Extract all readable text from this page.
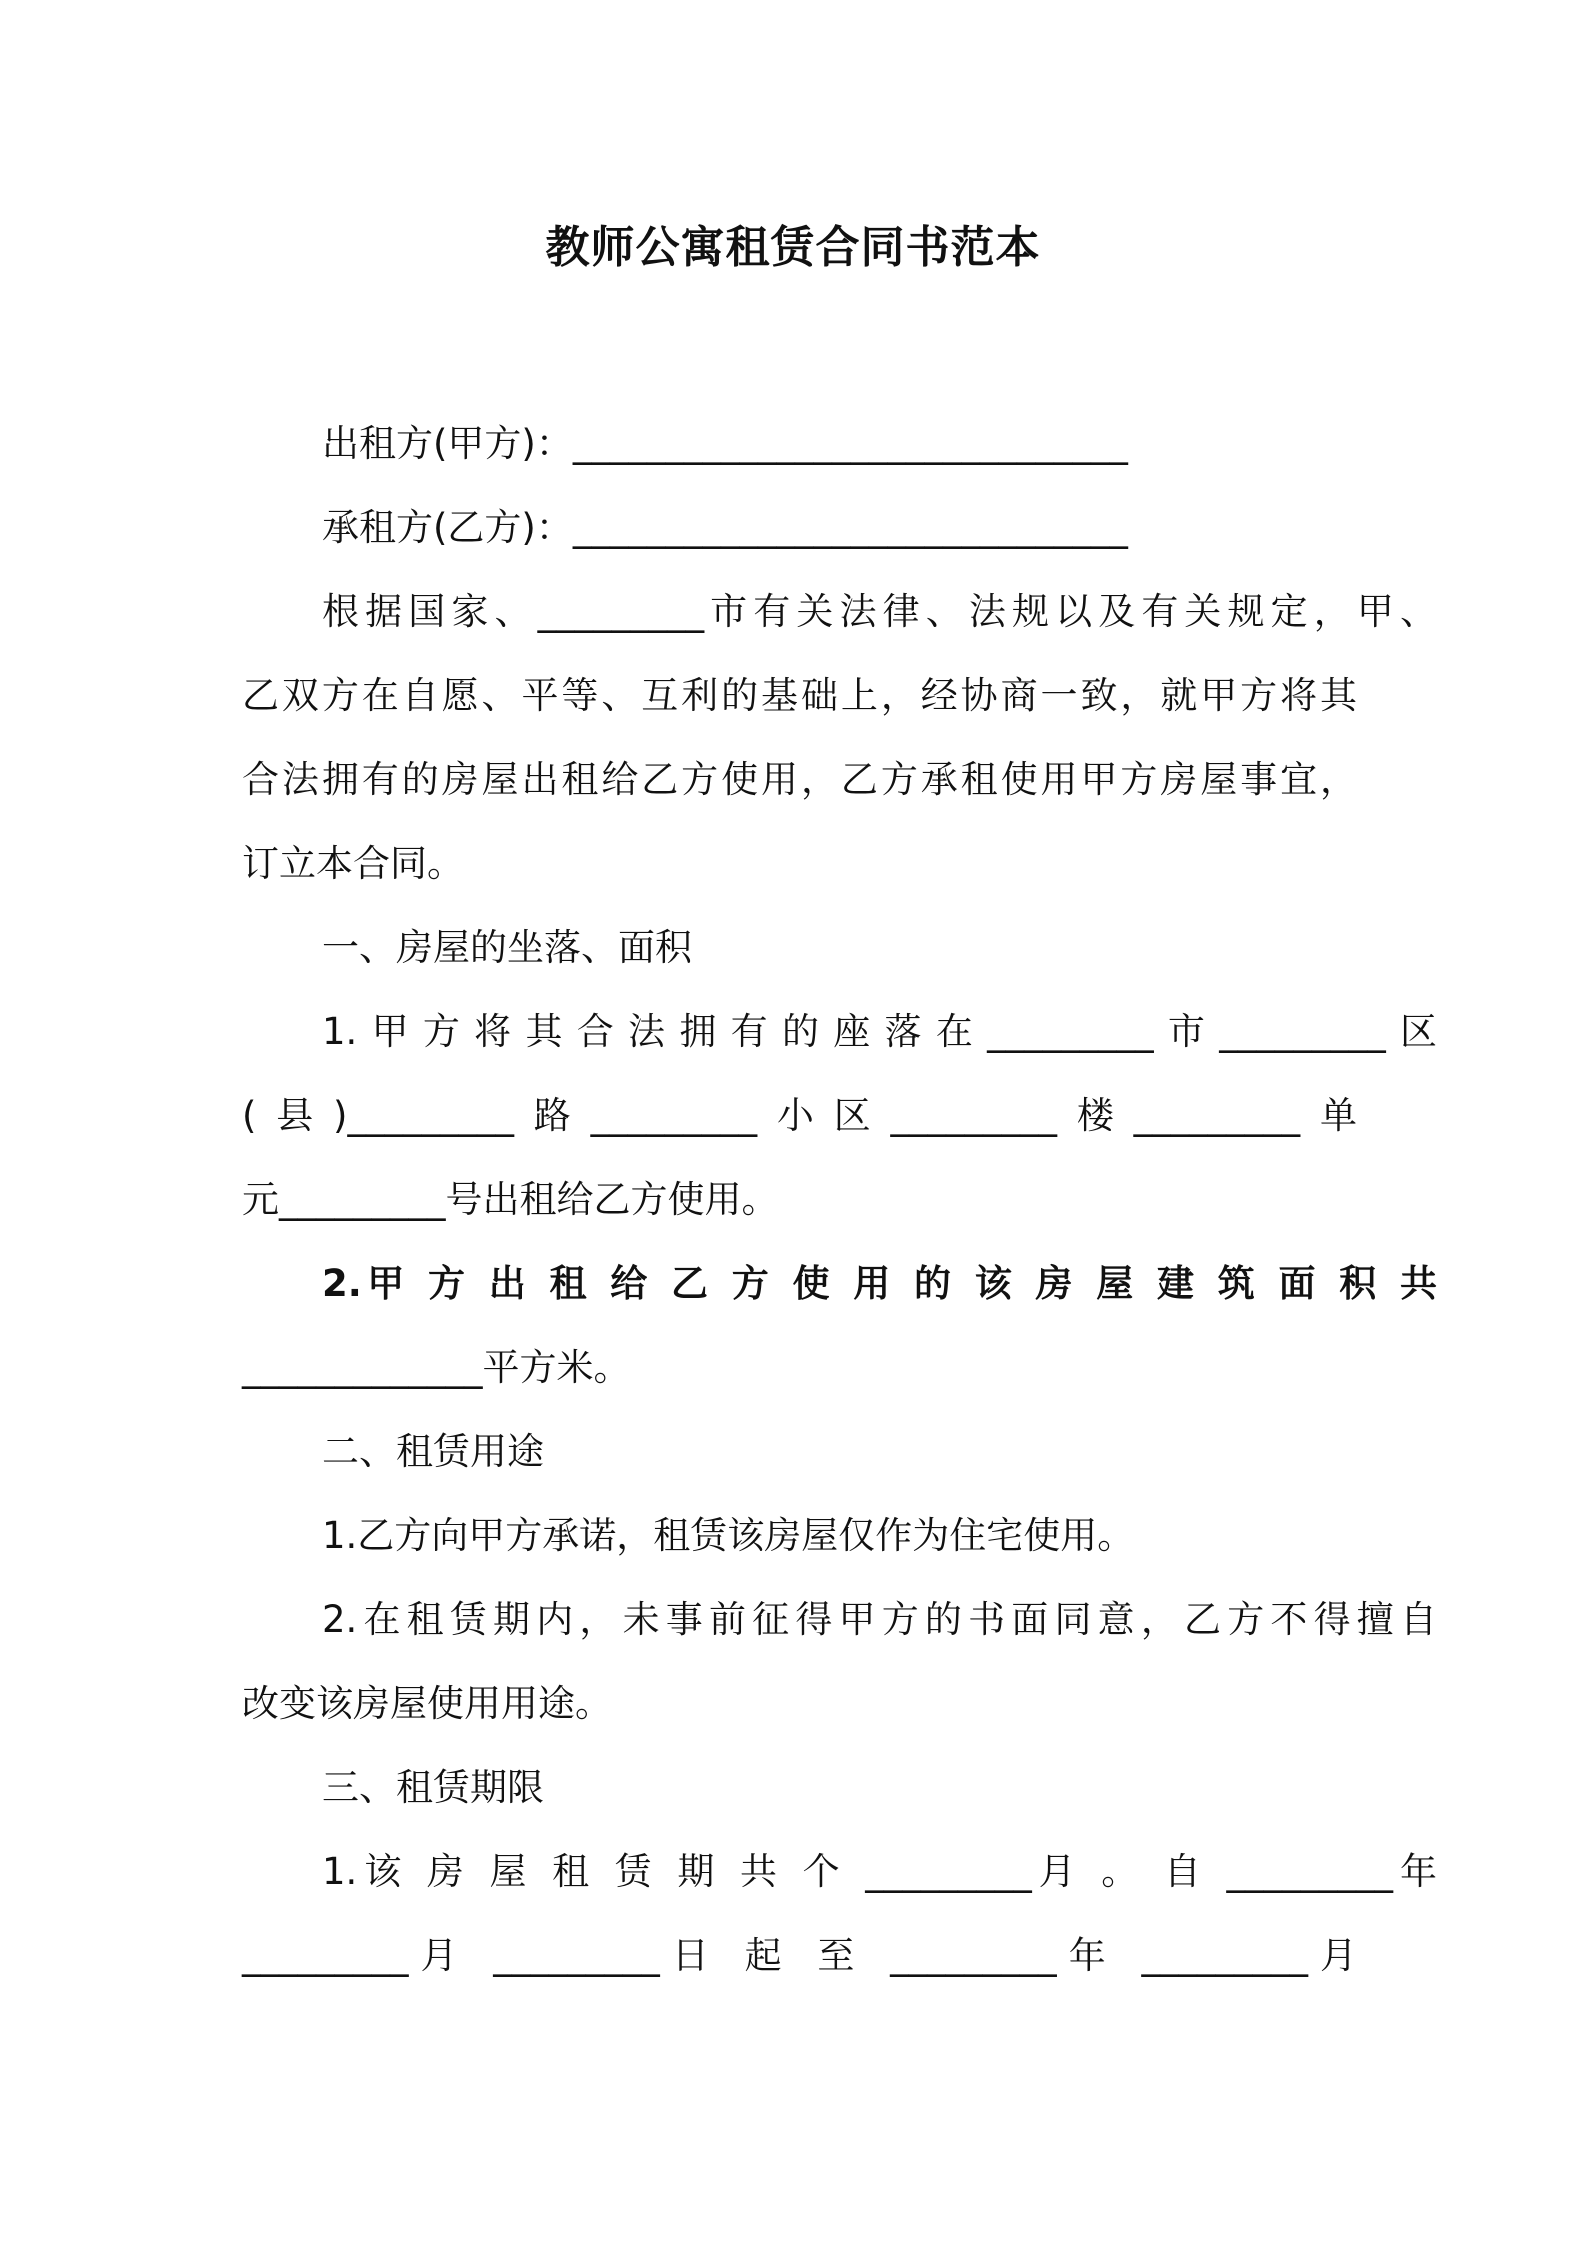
教师公寓租赁合同书范本
出租方(甲方)：______________________________
承租方(乙方)：______________________________
根据国家、_________市有关法律、法规以及有关规定，甲、
乙双方在自愿、平等、互利的基础上，经协商一致，就甲方将其
合法拥有的房屋出租给乙方使用，乙方承租使用甲方房屋事宜，
订立本合同。
一、房屋的坐落、面积
1.甲方将其合法拥有的座落在_________市_________区
(县)_________路_________小区_________楼_________单
元_________号出租给乙方使用。
2.甲 方 出 租 给 乙 方 使 用 的 该 房 屋 建 筑 面 积 共
_____________平方米。
二、租赁用途
1.乙方向甲方承诺，租赁该房屋仅作为住宅使用。
2.在租赁期内，未事前征得甲方的书面同意，乙方不得擅自
改变该房屋使用用途。
三、租赁期限
1.该 房 屋 租 赁 期 共 个 _________月 。 自 _________年
_________月 _________日 起 至 _________年 _________月
